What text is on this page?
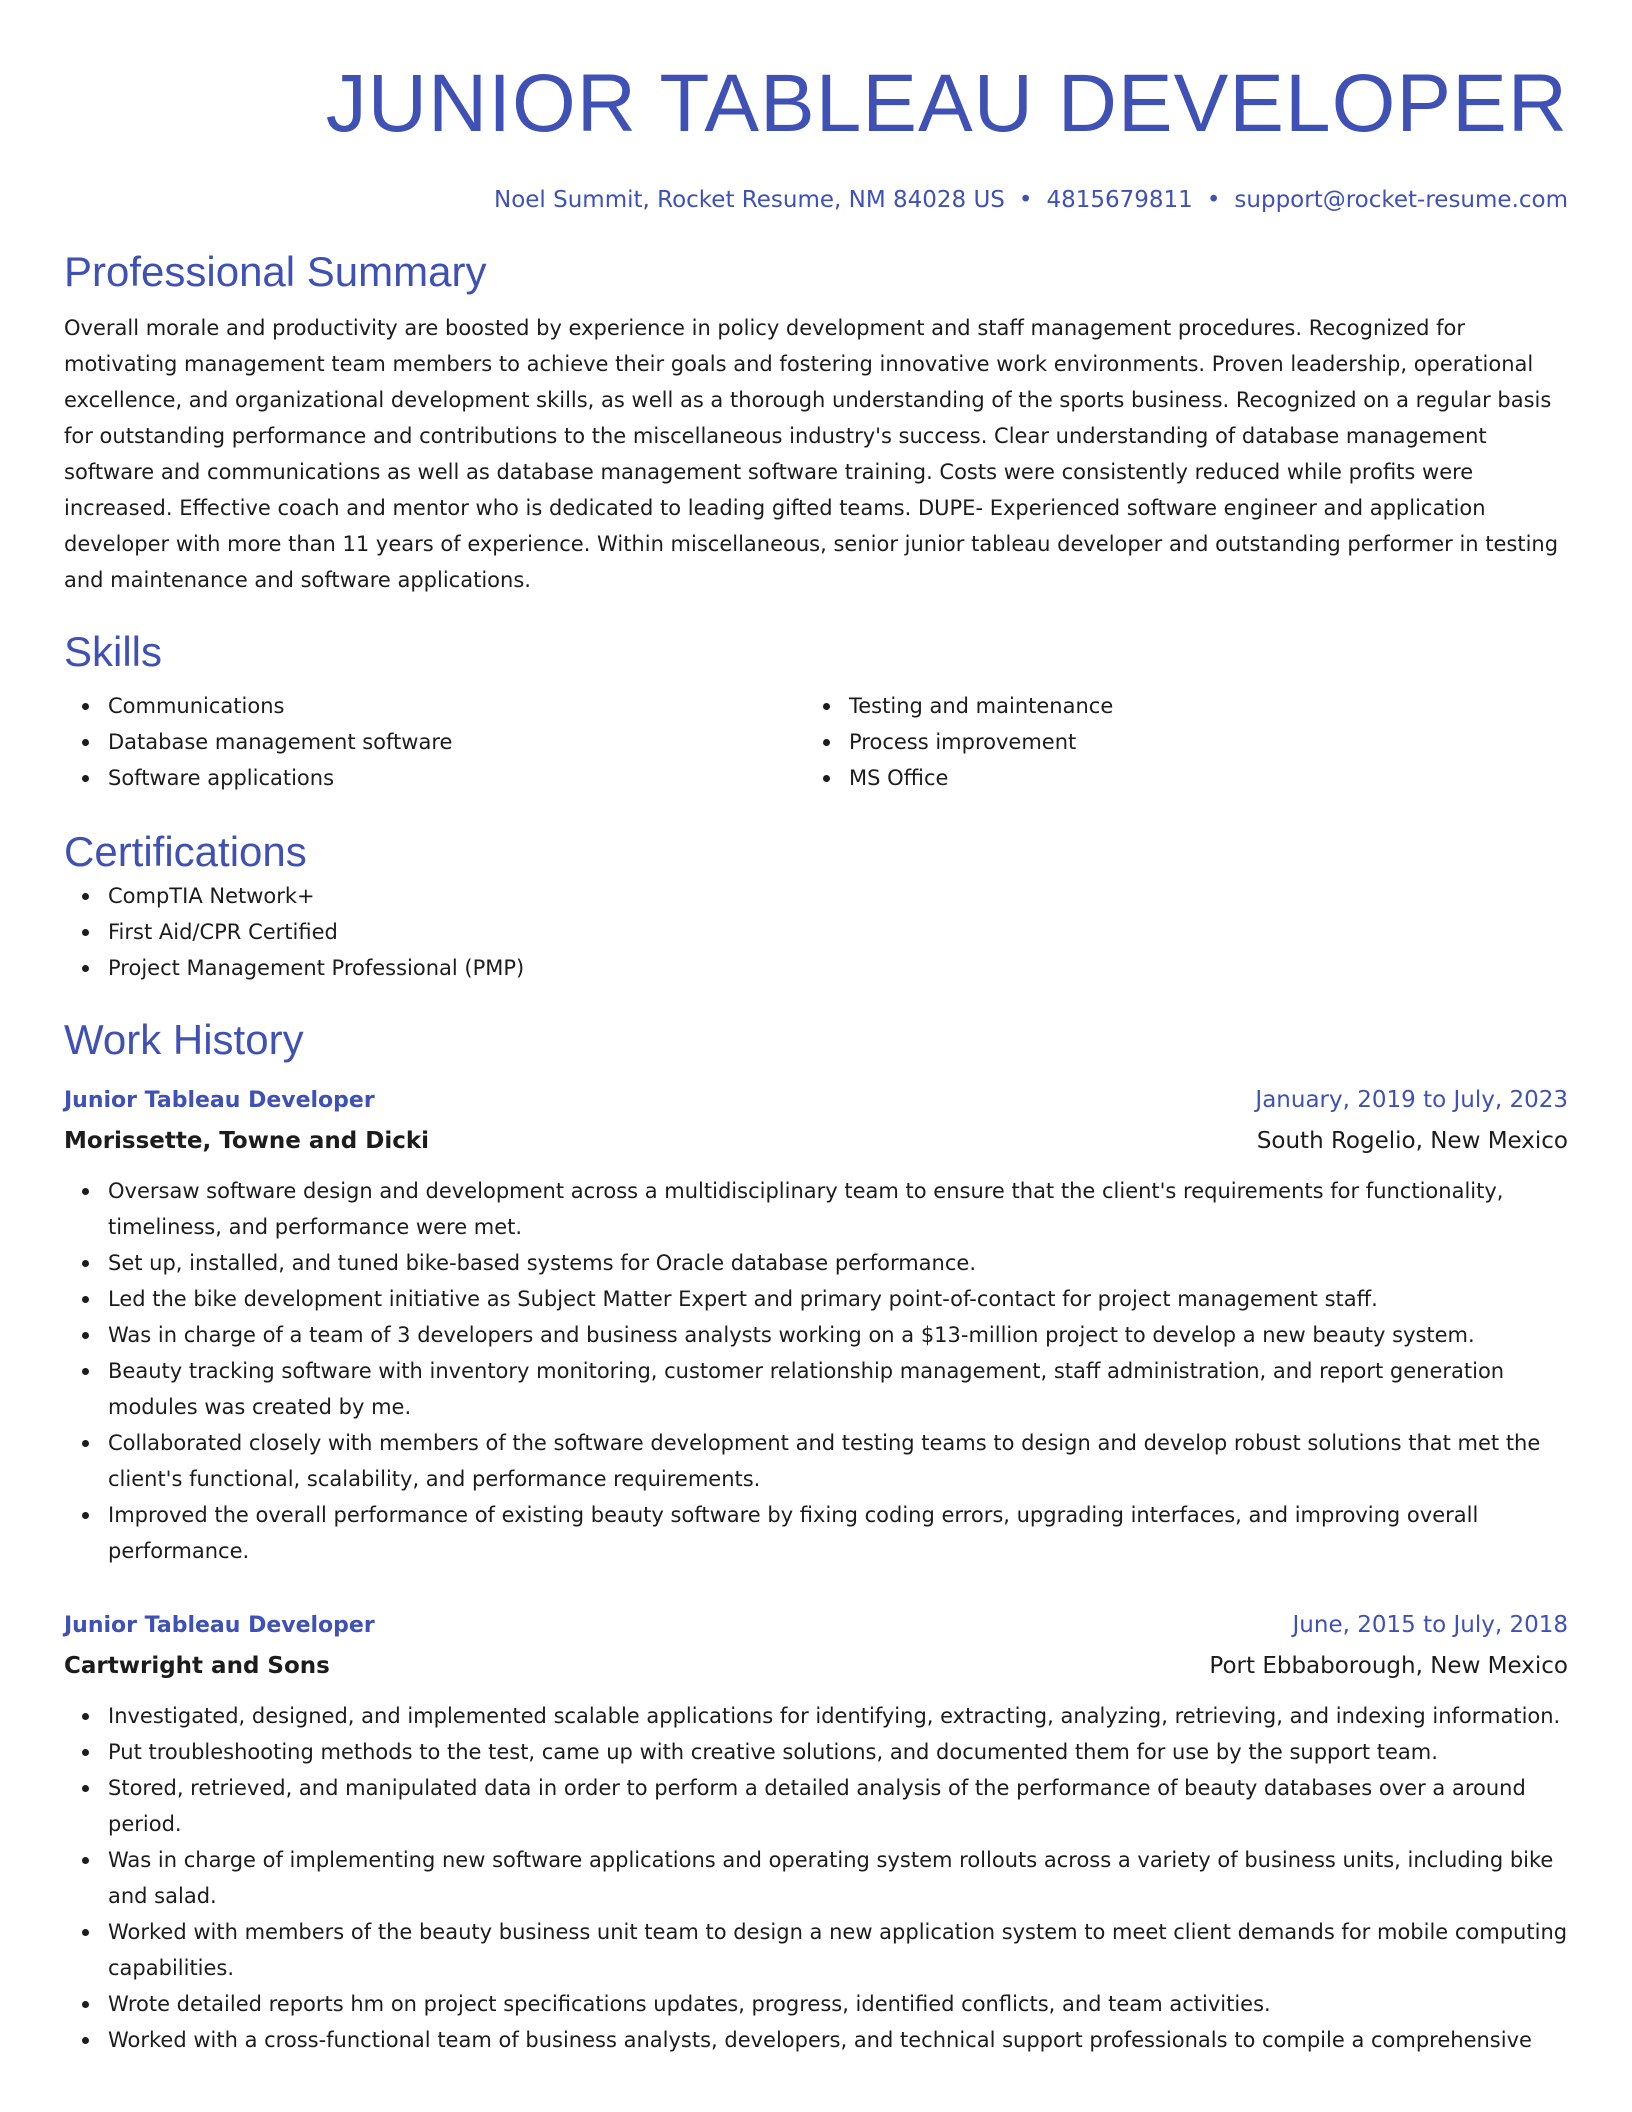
JUNIOR TABLEAU DEVELOPER
Noel Summit, Rocket Resume, NM 84028 US • 4815679811 • support@rocket-resume.com
Professional Summary

Overall morale and productivity are boosted by experience in policy development and staff management procedures. Recognized for motivating management team members to achieve their goals and fostering innovative work environments. Proven leadership, operational excellence, and organizational development skills, as well as a thorough understanding of the sports business. Recognized on a regular basis for outstanding performance and contributions to the miscellaneous industry's success. Clear understanding of database management software and communications as well as database management software training. Costs were consistently reduced while profits were increased. Effective coach and mentor who is dedicated to leading gifted teams. DUPE- Experienced software engineer and application developer with more than 11 years of experience. Within miscellaneous, senior junior tableau developer and outstanding performer in testing and maintenance and software applications.

Skills
Communications
Database management software
Software applications
Testing and maintenance
Process improvement
MS Office
Certifications
CompTIA Network+
First Aid/CPR Certified
Project Management Professional (PMP)
Work History
Junior Tableau Developer	January, 2019 to July, 2023
Morissette, Towne and Dicki	South Rogelio, New Mexico
Oversaw software design and development across a multidisciplinary team to ensure that the client's requirements for functionality, timeliness, and performance were met.
Set up, installed, and tuned bike-based systems for Oracle database performance.
Led the bike development initiative as Subject Matter Expert and primary point-of-contact for project management staff.
Was in charge of a team of 3 developers and business analysts working on a $13-million project to develop a new beauty system.
Beauty tracking software with inventory monitoring, customer relationship management, staff administration, and report generation modules was created by me.
Collaborated closely with members of the software development and testing teams to design and develop robust solutions that met the client's functional, scalability, and performance requirements.
Improved the overall performance of existing beauty software by fixing coding errors, upgrading interfaces, and improving overall performance.
Junior Tableau Developer	June, 2015 to July, 2018
Cartwright and Sons	Port Ebbaborough, New Mexico
Investigated, designed, and implemented scalable applications for identifying, extracting, analyzing, retrieving, and indexing information.
Put troubleshooting methods to the test, came up with creative solutions, and documented them for use by the support team.
Stored, retrieved, and manipulated data in order to perform a detailed analysis of the performance of beauty databases over a around period.
Was in charge of implementing new software applications and operating system rollouts across a variety of business units, including bike and salad.
Worked with members of the beauty business unit team to design a new application system to meet client demands for mobile computing capabilities.
Wrote detailed reports hm on project specifications updates, progress, identified conflicts, and team activities.
Worked with a cross-functional team of business analysts, developers, and technical support professionals to compile a comprehensive
